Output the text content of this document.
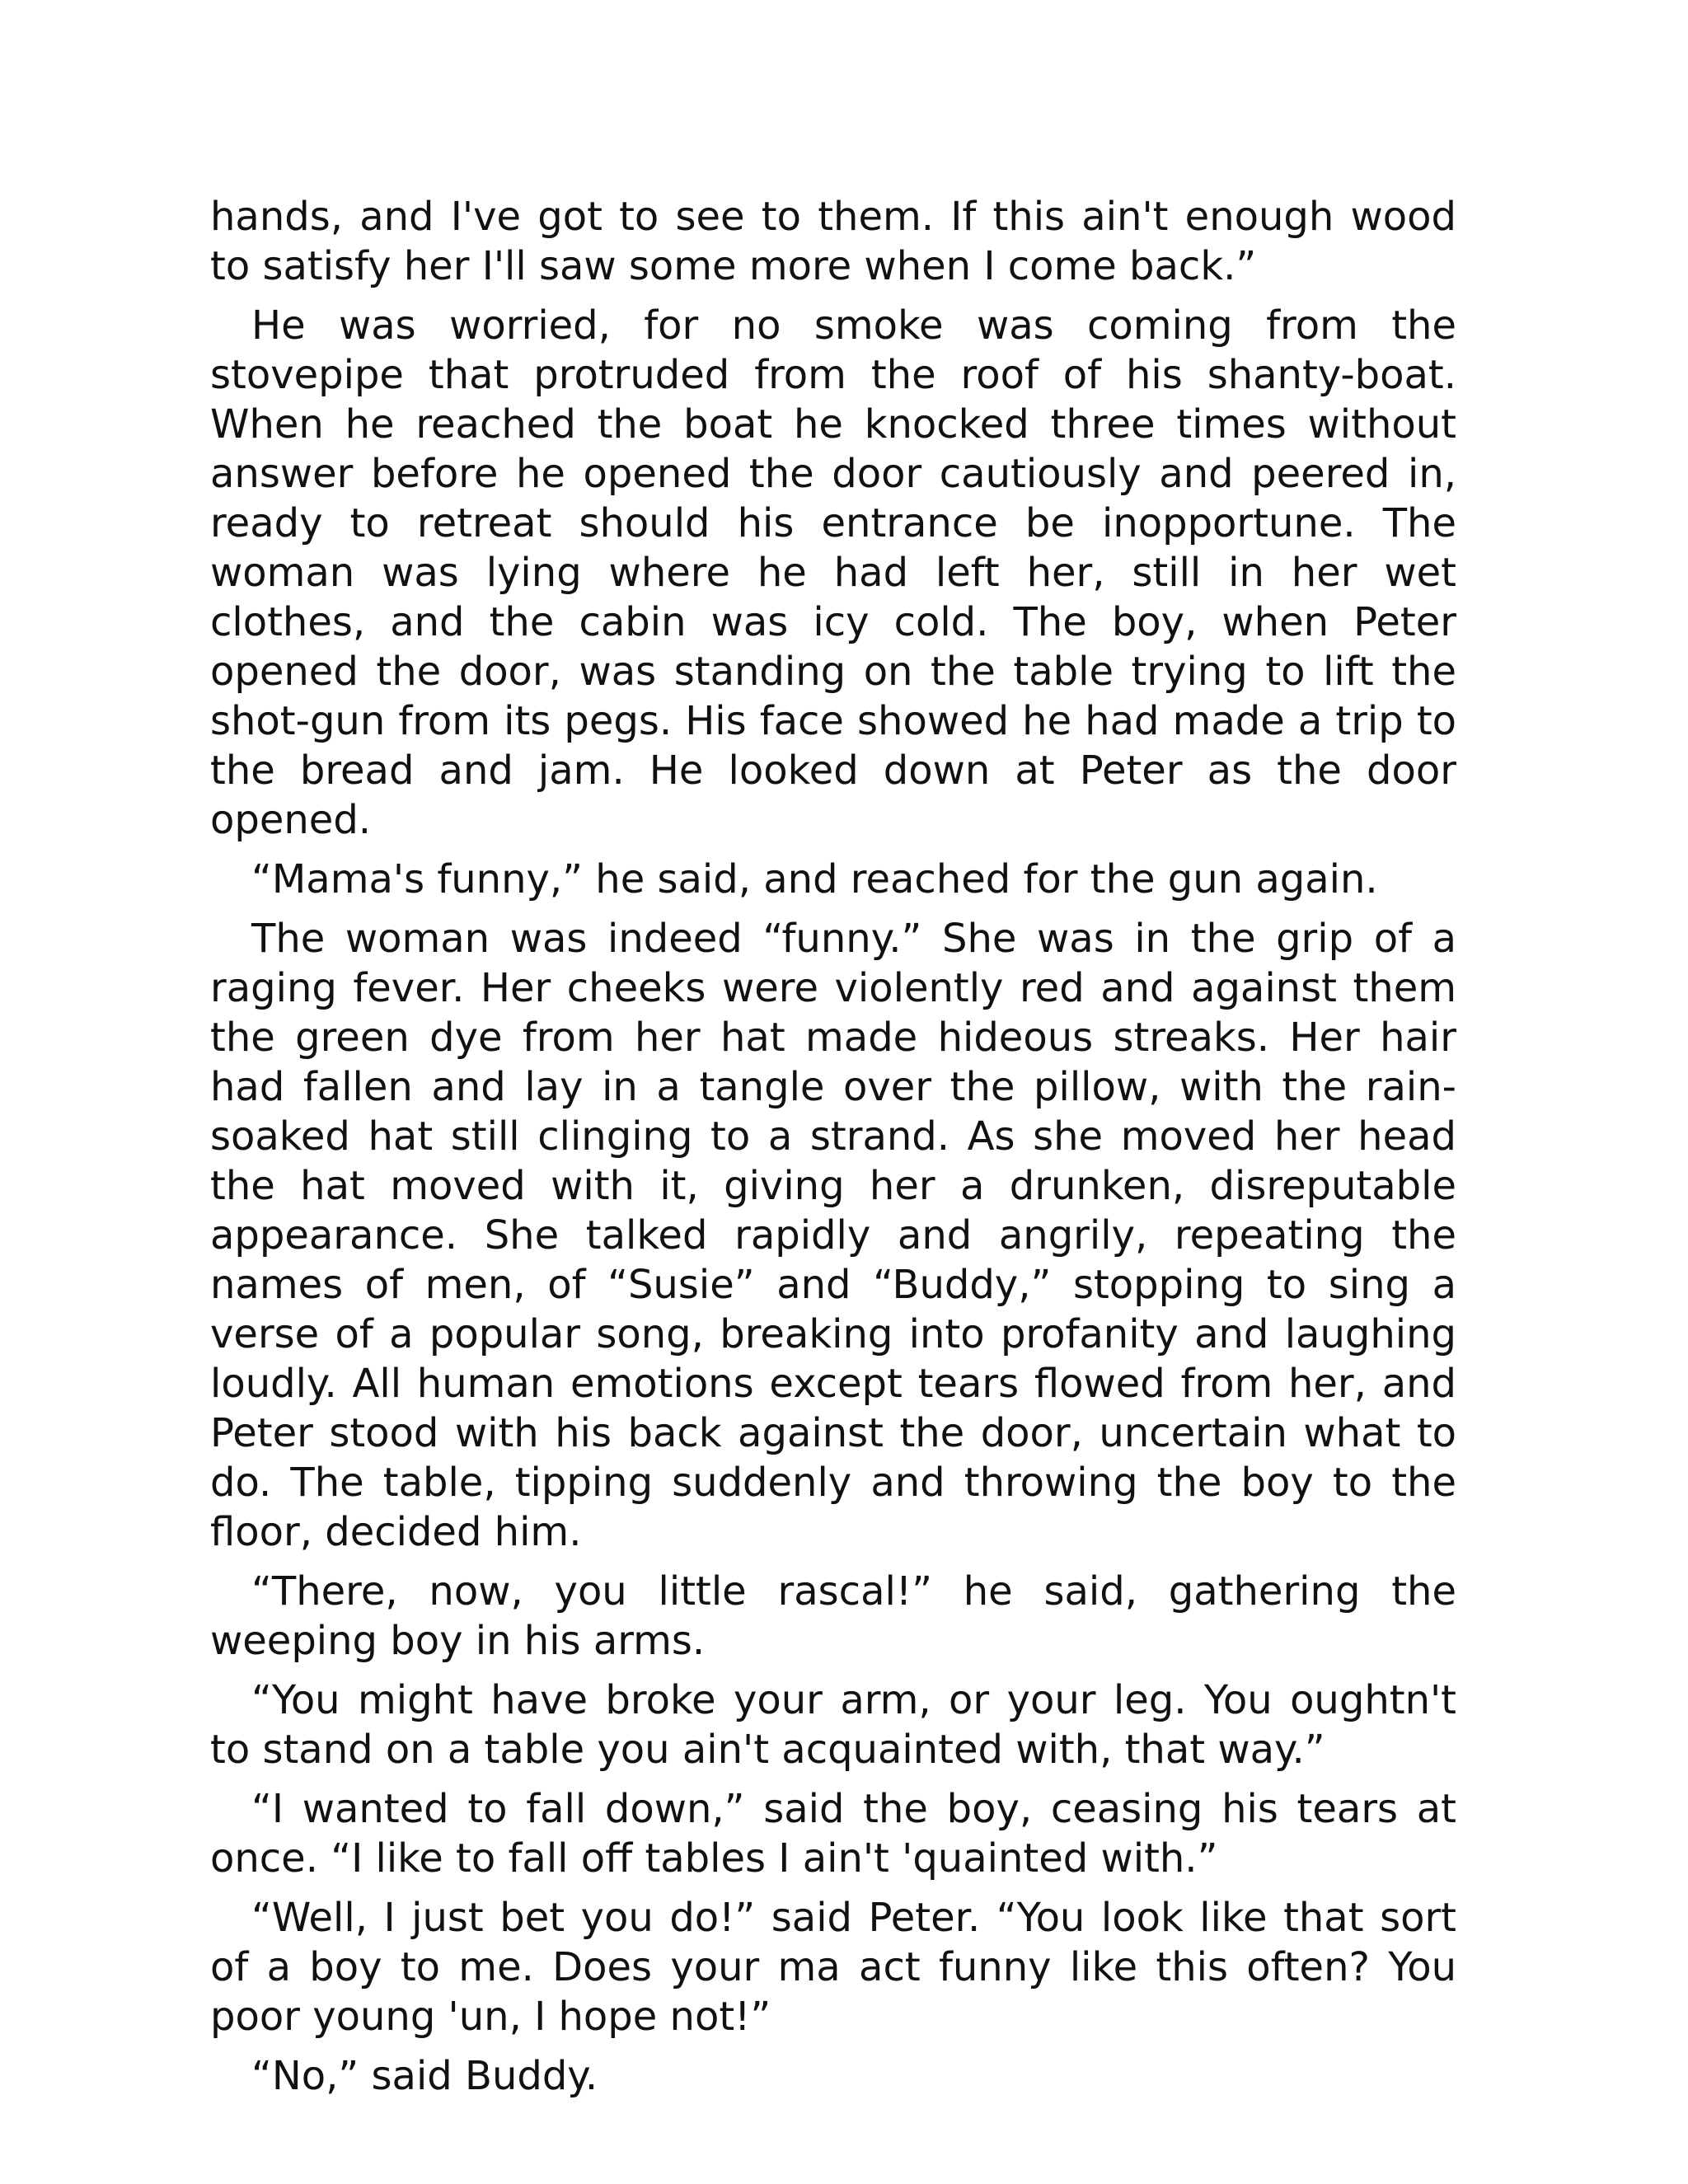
hands, and I've got to see to them. If this ain't enough wood to satisfy her I'll saw some more when I come back.”

He was worried, for no smoke was coming from the stovepipe that protruded from the roof of his shanty-boat. When he reached the boat he knocked three times without answer before he opened the door cautiously and peered in, ready to retreat should his entrance be inopportune. The woman was lying where he had left her, still in her wet clothes, and the cabin was icy cold. The boy, when Peter opened the door, was standing on the table trying to lift the shot-gun from its pegs. His face showed he had made a trip to the bread and jam. He looked down at Peter as the door opened.

“Mama's funny,” he said, and reached for the gun again.

The woman was indeed “funny.” She was in the grip of a raging fever. Her cheeks were violently red and against them the green dye from her hat made hideous streaks. Her hair had fallen and lay in a tangle over the pillow, with the rain-soaked hat still clinging to a strand. As she moved her head the hat moved with it, giving her a drunken, disreputable appearance. She talked rapidly and angrily, repeating the names of men, of “Susie” and “Buddy,” stopping to sing a verse of a popular song, breaking into profanity and laughing loudly. All human emotions except tears flowed from her, and Peter stood with his back against the door, uncertain what to do. The table, tipping suddenly and throwing the boy to the floor, decided him.

“There, now, you little rascal!” he said, gathering the weeping boy in his arms.

“You might have broke your arm, or your leg. You oughtn't to stand on a table you ain't acquainted with, that way.”

“I wanted to fall down,” said the boy, ceasing his tears at once. “I like to fall off tables I ain't 'quainted with.”

“Well, I just bet you do!” said Peter. “You look like that sort of a boy to me. Does your ma act funny like this often? You poor young 'un, I hope not!”

“No,” said Buddy.
